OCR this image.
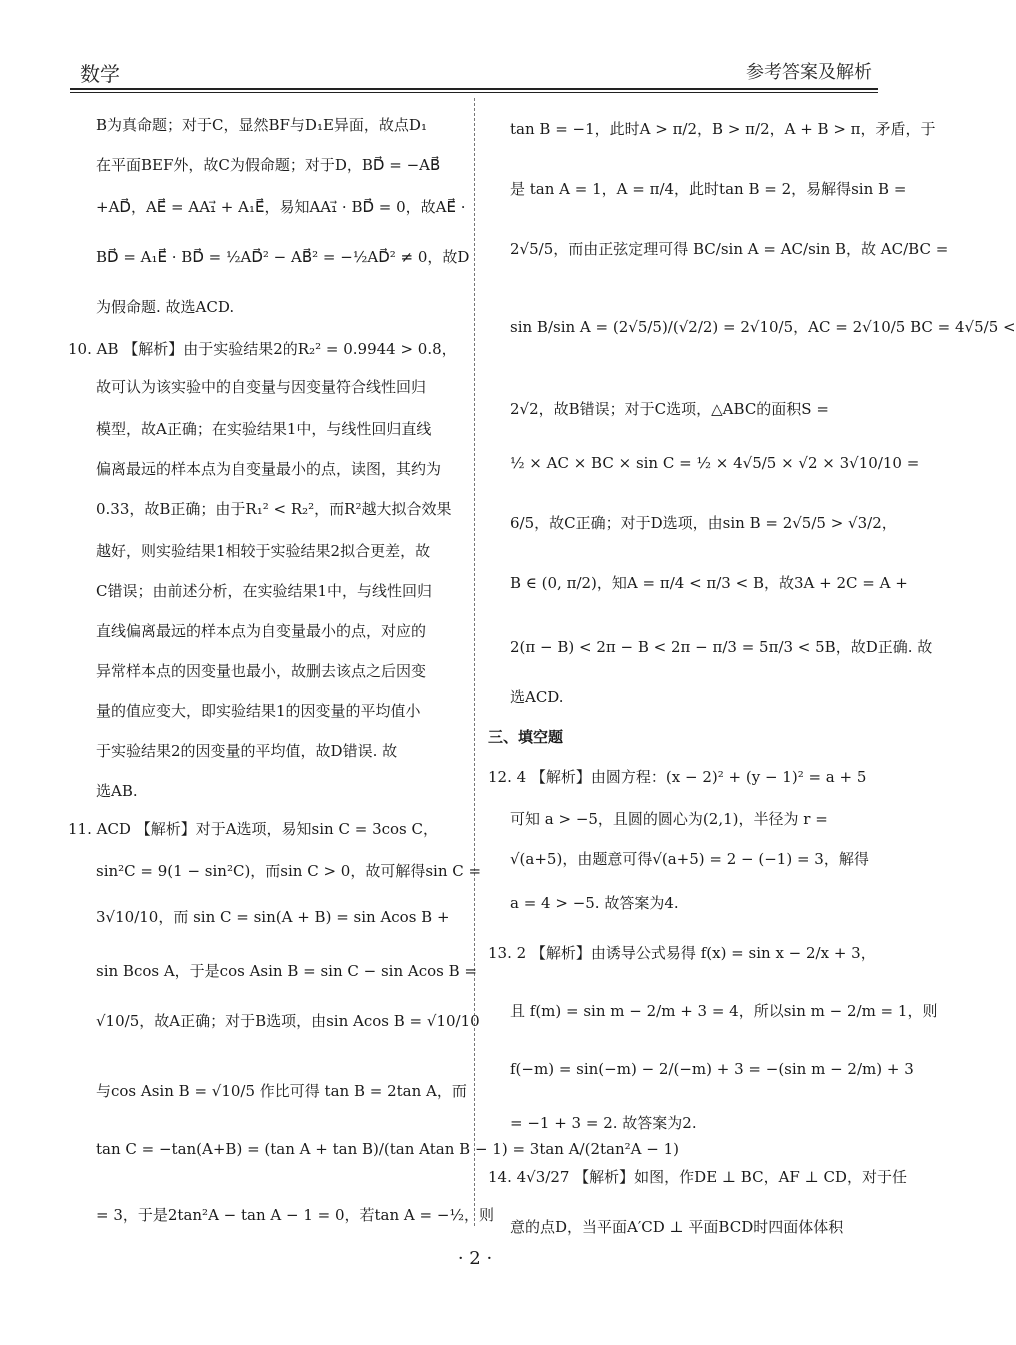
数学	参考答案及解析
B为真命题；对于C，显然BF与D₁E异面，故点D₁
在平面BEF外，故C为假命题；对于D，BD⃗ = −AB⃗
+AD⃗，AE⃗ = AA₁⃗ + A₁E⃗，易知AA₁⃗ · BD⃗ = 0，故AE⃗ ·
BD⃗ = A₁E⃗ · BD⃗ = ½AD⃗² − AB⃗² = −½AD⃗² ≠ 0，故D
为假命题. 故选ACD.
10. AB 【解析】由于实验结果2的R₂² = 0.9944 > 0.8，
故可认为该实验中的自变量与因变量符合线性回归
模型，故A正确；在实验结果1中，与线性回归直线
偏离最远的样本点为自变量最小的点，读图，其约为
0.33，故B正确；由于R₁² < R₂²，而R²越大拟合效果
越好，则实验结果1相较于实验结果2拟合更差，故
C错误；由前述分析，在实验结果1中，与线性回归
直线偏离最远的样本点为自变量最小的点，对应的
异常样本点的因变量也最小，故删去该点之后因变
量的值应变大，即实验结果1的因变量的平均值小
于实验结果2的因变量的平均值，故D错误. 故
选AB.
11. ACD 【解析】对于A选项，易知sin C = 3cos C，
sin²C = 9(1 − sin²C)，而sin C > 0，故可解得sin C =
3√10/10，而 sin C = sin(A + B) = sin Acos B +
sin Bcos A，于是cos Asin B = sin C − sin Acos B =
√10/5，故A正确；对于B选项，由sin Acos B = √10/10
与cos Asin B = √10/5 作比可得 tan B = 2tan A，而
tan C = −tan(A+B) = (tan A + tan B)/(tan Atan B − 1) = 3tan A/(2tan²A − 1)
= 3，于是2tan²A − tan A − 1 = 0，若tan A = −½，则
tan B = −1，此时A > π/2，B > π/2，A + B > π，矛盾，于
是 tan A = 1，A = π/4，此时tan B = 2，易解得sin B =
2√5/5，而由正弦定理可得 BC/sin A = AC/sin B，故 AC/BC =
sin B/sin A = (2√5/5)/(√2/2) = 2√10/5，AC = 2√10/5 BC = 4√5/5 <
2√2，故B错误；对于C选项，△ABC的面积S =
½ × AC × BC × sin C = ½ × 4√5/5 × √2 × 3√10/10 =
6/5，故C正确；对于D选项，由sin B = 2√5/5 > √3/2，
B ∈ (0, π/2)，知A = π/4 < π/3 < B，故3A + 2C = A +
2(π − B) < 2π − B < 2π − π/3 = 5π/3 < 5B，故D正确. 故
选ACD.
三、填空题
12. 4 【解析】由圆方程：(x − 2)² + (y − 1)² = a + 5
可知 a > −5，且圆的圆心为(2,1)，半径为 r =
√(a+5)，由题意可得√(a+5) = 2 − (−1) = 3，解得
a = 4 > −5. 故答案为4.
13. 2 【解析】由诱导公式易得 f(x) = sin x − 2/x + 3，
且 f(m) = sin m − 2/m + 3 = 4，所以sin m − 2/m = 1，则
f(−m) = sin(−m) − 2/(−m) + 3 = −(sin m − 2/m) + 3
= −1 + 3 = 2. 故答案为2.
14. 4√3/27 【解析】如图，作DE ⊥ BC，AF ⊥ CD，对于任
意的点D，当平面A′CD ⊥ 平面BCD时四面体体积
· 2 ·
